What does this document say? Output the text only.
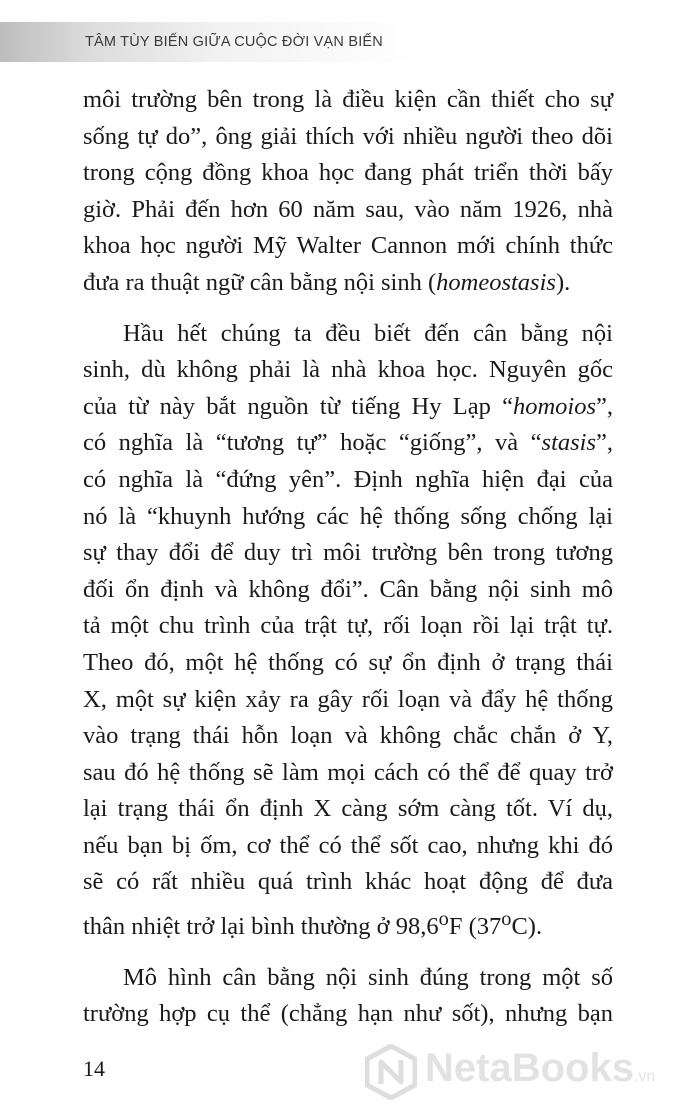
TÂM TÙY BIẾN GIỮA CUỘC ĐỜI VẠN BIẾN
môi trường bên trong là điều kiện cần thiết cho sự
sống tự do”, ông giải thích với nhiều người theo dõi
trong cộng đồng khoa học đang phát triển thời bấy
giờ. Phải đến hơn 60 năm sau, vào năm 1926, nhà
khoa học người Mỹ Walter Cannon mới chính thức
đưa ra thuật ngữ cân bằng nội sinh (homeostasis).
Hầu hết chúng ta đều biết đến cân bằng nội
sinh, dù không phải là nhà khoa học. Nguyên gốc
của từ này bắt nguồn từ tiếng Hy Lạp “homoios”,
có nghĩa là “tương tự” hoặc “giống”, và “stasis”,
có nghĩa là “đứng yên”. Định nghĩa hiện đại của
nó là “khuynh hướng các hệ thống sống chống lại
sự thay đổi để duy trì môi trường bên trong tương
đối ổn định và không đổi”. Cân bằng nội sinh mô
tả một chu trình của trật tự, rối loạn rồi lại trật tự.
Theo đó, một hệ thống có sự ổn định ở trạng thái
X, một sự kiện xảy ra gây rối loạn và đẩy hệ thống
vào trạng thái hỗn loạn và không chắc chắn ở Y,
sau đó hệ thống sẽ làm mọi cách có thể để quay trở
lại trạng thái ổn định X càng sớm càng tốt. Ví dụ,
nếu bạn bị ốm, cơ thể có thể sốt cao, nhưng khi đó
sẽ có rất nhiều quá trình khác hoạt động để đưa
thân nhiệt trở lại bình thường ở 98,6$^o$F (37$^o$C).
Mô hình cân bằng nội sinh đúng trong một số
trường hợp cụ thể (chẳng hạn như sốt), nhưng bạn
14	NetaBooks.vn
